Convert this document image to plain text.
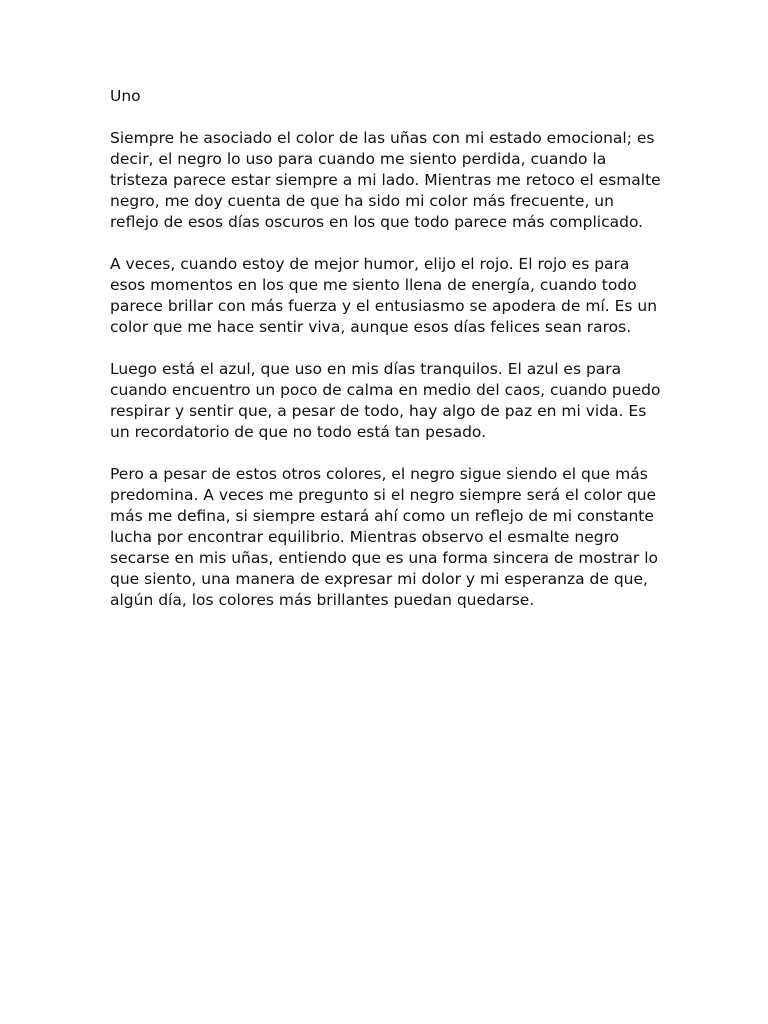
Uno

Siempre he asociado el color de las uñas con mi estado emocional; es decir, el negro lo uso para cuando me siento perdida, cuando la tristeza parece estar siempre a mi lado. Mientras me retoco el esmalte negro, me doy cuenta de que ha sido mi color más frecuente, un reflejo de esos días oscuros en los que todo parece más complicado.

A veces, cuando estoy de mejor humor, elijo el rojo. El rojo es para esos momentos en los que me siento llena de energía, cuando todo parece brillar con más fuerza y el entusiasmo se apodera de mí. Es un color que me hace sentir viva, aunque esos días felices sean raros.

Luego está el azul, que uso en mis días tranquilos. El azul es para cuando encuentro un poco de calma en medio del caos, cuando puedo respirar y sentir que, a pesar de todo, hay algo de paz en mi vida. Es un recordatorio de que no todo está tan pesado.

Pero a pesar de estos otros colores, el negro sigue siendo el que más predomina. A veces me pregunto si el negro siempre será el color que más me defina, si siempre estará ahí como un reflejo de mi constante lucha por encontrar equilibrio. Mientras observo el esmalte negro secarse en mis uñas, entiendo que es una forma sincera de mostrar lo que siento, una manera de expresar mi dolor y mi esperanza de que, algún día, los colores más brillantes puedan quedarse.
